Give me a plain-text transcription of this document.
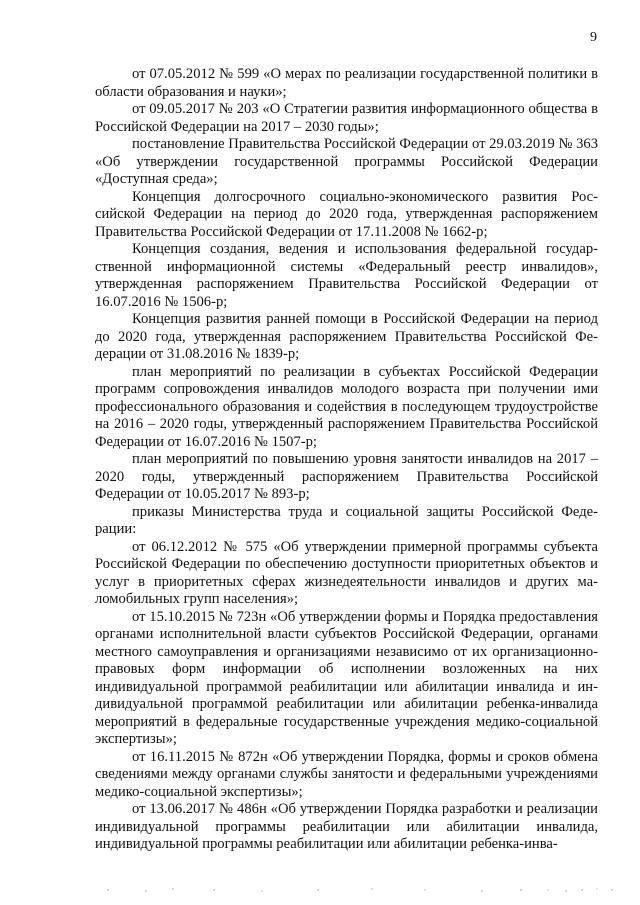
9

от 07.05.2012 № 599 «О мерах по реализации государственной политики в области образования и науки»;

от 09.05.2017 № 203 «О Стратегии развития информационного общества в Российской Федерации на 2017 – 2030 годы»;

постановление Правительства Российской Федерации от 29.03.2019 № 363 «Об утверждении государственной программы Российской Федерации «Доступная среда»;

Концепция долгосрочного социально-экономического развития Российской Федерации на период до 2020 года, утвержденная распоряжением Правительства Российской Федерации от 17.11.2008 № 1662-р;

Концепция создания, ведения и использования федеральной государственной информационной системы «Федеральный реестр инвалидов», утвержденная распоряжением Правительства Российской Федерации от 16.07.2016 № 1506-р;

Концепция развития ранней помощи в Российской Федерации на период до 2020 года, утвержденная распоряжением Правительства Российской Федерации от 31.08.2016 № 1839-р;

план мероприятий по реализации в субъектах Российской Федерации программ сопровождения инвалидов молодого возраста при получении ими профессионального образования и содействия в последующем трудоустройстве на 2016 – 2020 годы, утвержденный распоряжением Правительства Российской Федерации от 16.07.2016 № 1507-р;

план мероприятий по повышению уровня занятости инвалидов на 2017 – 2020 годы, утвержденный распоряжением Правительства Российской Федерации от 10.05.2017 № 893-р;

приказы Министерства труда и социальной защиты Российской Федерации:

от 06.12.2012 № 575 «Об утверждении примерной программы субъекта Российской Федерации по обеспечению доступности приоритетных объектов и услуг в приоритетных сферах жизнедеятельности инвалидов и других маломобильных групп населения»;

от 15.10.2015 № 723н «Об утверждении формы и Порядка предоставления органами исполнительной власти субъектов Российской Федерации, органами местного самоуправления и организациями независимо от их организационно-правовых форм информации об исполнении возложенных на них индивидуальной программой реабилитации или абилитации инвалида и индивидуальной программой реабилитации или абилитации ребенка-инвалида мероприятий в федеральные государственные учреждения медико-социальной экспертизы»;

от 16.11.2015 № 872н «Об утверждении Порядка, формы и сроков обмена сведениями между органами службы занятости и федеральными учреждениями медико-социальной экспертизы»;

от 13.06.2017 № 486н «Об утверждении Порядка разработки и реализации индивидуальной программы реабилитации или абилитации инвалида, индивидуальной программы реабилитации или абилитации ребенка-инва-
